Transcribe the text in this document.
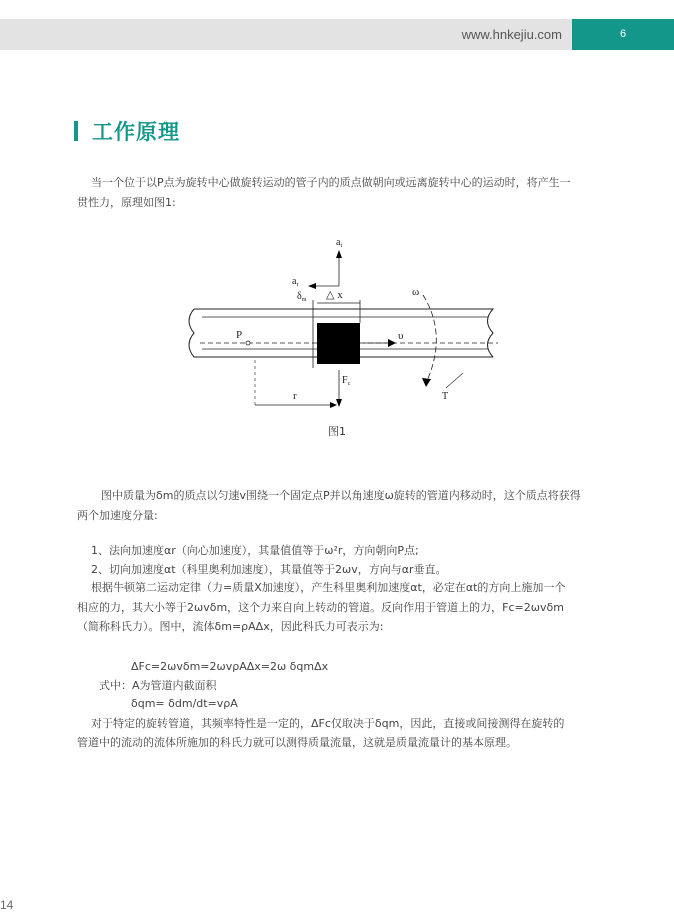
www.hnkejiu.com	6
工作原理
当一个位于以P点为旋转中心做旋转运动的管子内的质点做朝向或远离旋转中心的运动时，将产生一
贯性力，原理如图1:
$a_t$
$a_r$
$\delta_m$ △ x	ω
P	υ
$F_c$
r	T
图1
图中质量为δm的质点以匀速v围绕一个固定点P并以角速度ω旋转的管道内移动时，这个质点将获得
两个加速度分量:
1、法向加速度αr（向心加速度），其量值值等于ω²r，方向朝向P点;
2、切向加速度αt（科里奥利加速度），其量值等于2ωv，方向与αr垂直。
根据牛顿第二运动定律（力=质量X加速度），产生科里奥利加速度αt，必定在αt的方向上施加一个
相应的力，其大小等于2ωvδm，这个力来自向上转动的管道。反向作用于管道上的力，Fc=2ωvδm
（简称科氏力）。图中，流体δm=ρAΔx，因此科氏力可表示为:
ΔFc=2ωvδm=2ωvρAΔx=2ω δqmΔx
式中：A为管道内截面积
δqm= δdm/dt=vρA
对于特定的旋转管道，其频率特性是一定的，ΔFc仅取决于δqm，因此，直接或间接测得在旋转的
管道中的流动的流体所施加的科氏力就可以测得质量流量，这就是质量流量计的基本原理。
14
